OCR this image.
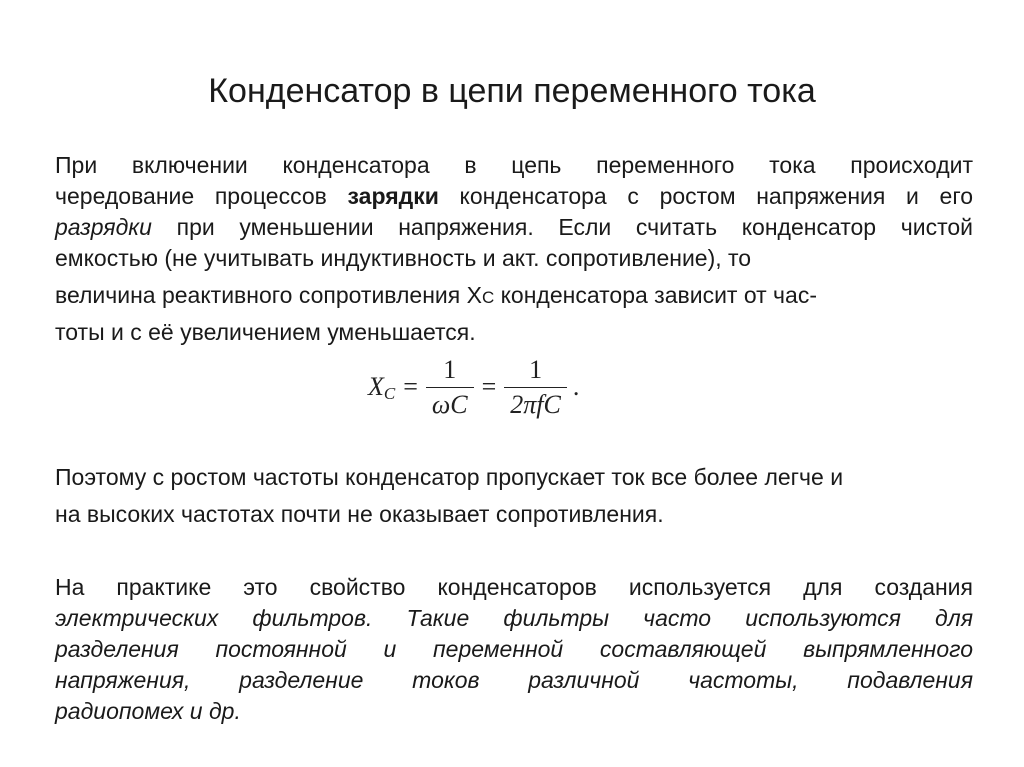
Конденсатор в цепи переменного тока
При включении конденсатора в цепь переменного тока происходит
чередование процессов зарядки конденсатора с ростом напряжения и его
разрядки при уменьшении напряжения. Если считать конденсатор чистой
емкостью (не учитывать индуктивность и акт. сопротивление), то
величина реактивного сопротивления XC конденсатора зависит от час-
тоты и с её увеличением уменьшается.
X $C = \frac{1}{\omega C} = \frac{1}{\text{2πfC}}$ .
Поэтому с ростом частоты конденсатор пропускает ток все более легче и
на высоких частотах почти не оказывает сопротивления.
На практике это свойство конденсаторов используется для создания
электрических фильтров. Такие фильтры часто используются для
разделения постоянной и переменной составляющей выпрямленного
напряжения, разделение токов различной частоты, подавления
радиопомех и др.
